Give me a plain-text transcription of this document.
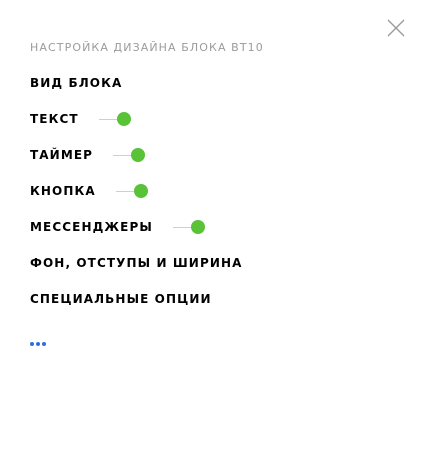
НАСТРОЙКА ДИЗАЙНА БЛОКА BT10
ВИД БЛОКА
ТЕКСТ
ТАЙМЕР
КНОПКА
МЕССЕНДЖЕРЫ
ФОН, ОТСТУПЫ И ШИРИНА
СПЕЦИАЛЬНЫЕ ОПЦИИ
